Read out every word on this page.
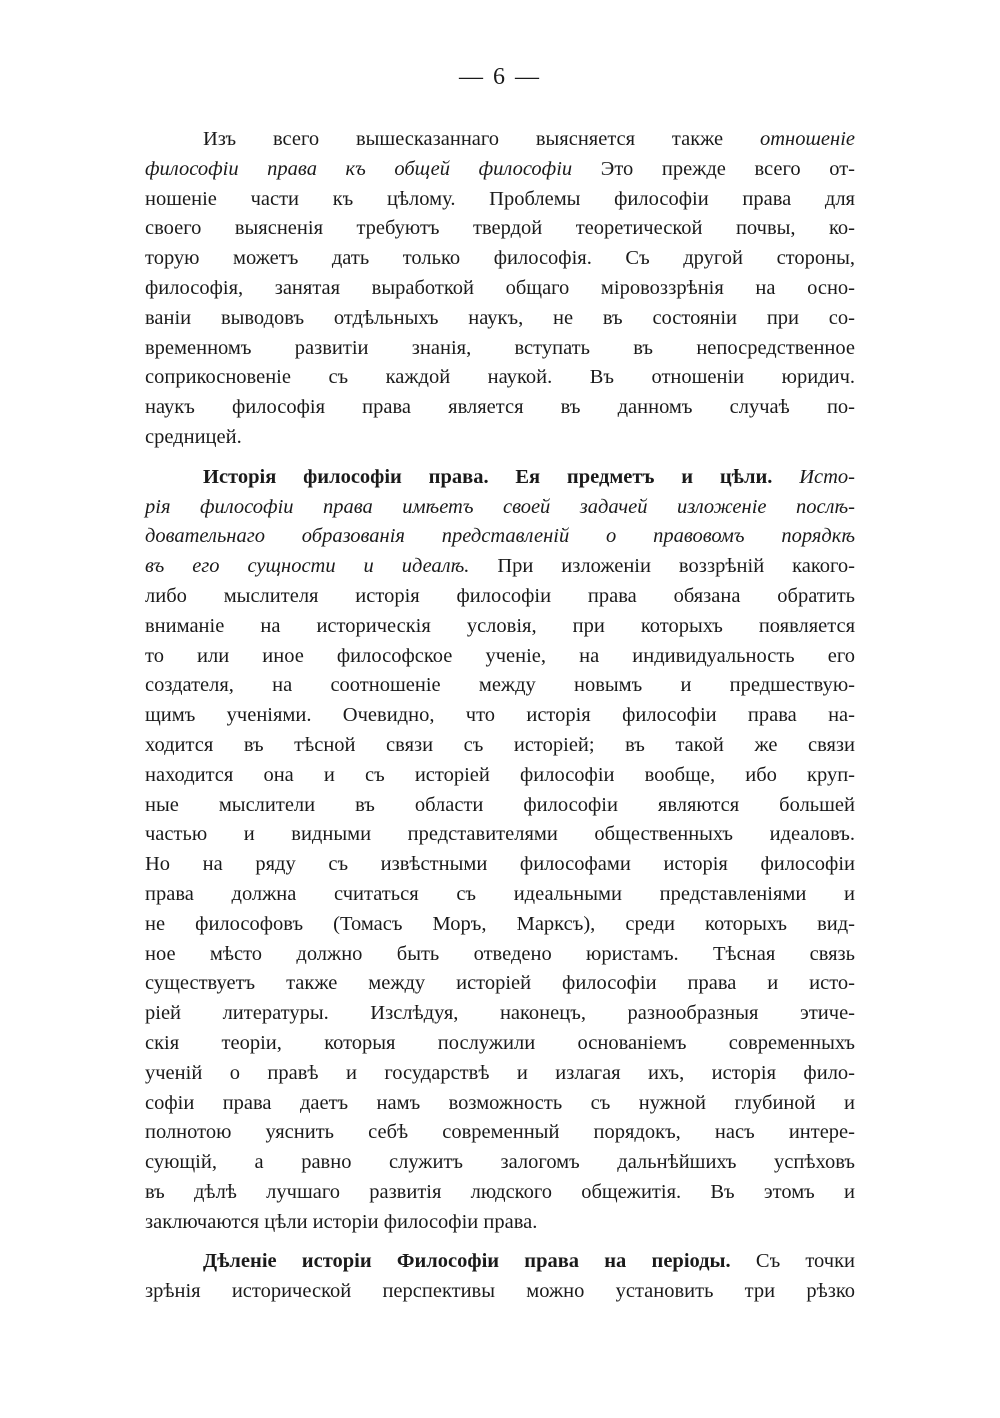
— 6 —
Изъ всего вышесказаннаго выясняется также отношеніе
философіи права къ общей философіи Это прежде всего от-
ношеніе части къ цѣлому. Проблемы философіи права для
своего выясненія требуютъ твердой теоретической почвы, ко-
торую можетъ дать только философія. Съ другой стороны,
философія, занятая выработкой общаго міровоззрѣнія на осно-
ваніи выводовъ отдѣльныхъ наукъ, не въ состояніи при со-
временномъ развитіи знанія, вступать въ непосредственное
соприкосновеніе съ каждой наукой. Въ отношеніи юридич.
наукъ философія права является въ данномъ случаѣ по-
средницей.
Исторія философіи права. Ея предметъ и цѣли. Исто-
рія философіи права имѣетъ своей задачей изложеніе послѣ-
довательнаго образованія представленій о правовомъ порядкѣ
въ его сущности и идеалѣ. При изложеніи воззрѣній какого-
либо мыслителя исторія философіи права обязана обратить
вниманіе на историческія условія, при которыхъ появляется
то или иное философское ученіе, на индивидуальность его
создателя, на соотношеніе между новымъ и предшествую-
щимъ ученіями. Очевидно, что исторія философіи права на-
ходится въ тѣсной связи съ исторіей; въ такой же связи
находится она и съ исторіей философіи вообще, ибо круп-
ные мыслители въ области философіи являются большей
частью и видными представителями общественныхъ идеаловъ.
Но на ряду съ извѣстными философами исторія философіи
права должна считаться съ идеальными представленіями и
не философовъ (Томасъ Моръ, Марксъ), среди которыхъ вид-
ное мѣсто должно быть отведено юристамъ. Тѣсная связь
существуетъ также между исторіей философіи права и исто-
ріей литературы. Изслѣдуя, наконецъ, разнообразныя этиче-
скія теоріи, которыя послужили основаніемъ современныхъ
ученій о правѣ и государствѣ и излагая ихъ, исторія фило-
софіи права даетъ намъ возможность съ нужной глубиной и
полнотою уяснить себѣ современный порядокъ, насъ интере-
сующій, а равно служитъ залогомъ дальнѣйшихъ успѣховъ
въ дѣлѣ лучшаго развитія людского общежитія. Въ этомъ и
заключаются цѣли исторіи философіи права.
Дѣленіе исторіи Философіи права на періоды. Съ точки
зрѣнія исторической перспективы можно установить три рѣзко
